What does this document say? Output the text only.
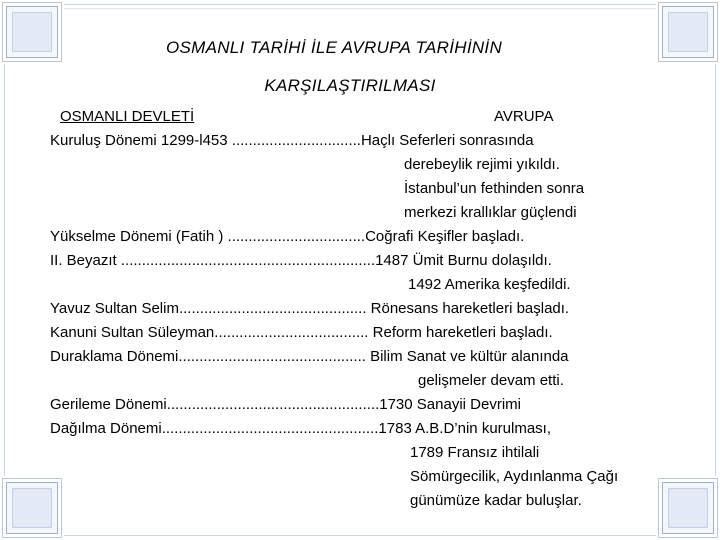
OSMANLI TARİHİ İLE AVRUPA TARİHİNİN
KARŞILAŞTIRILMASI
OSMANLI DEVLETİ	AVRUPA
Kuruluş Dönemi 1299-l453 ...............................Haçlı Seferleri sonrasında
derebeylik rejimi yıkıldı.
İstanbul’un fethinden sonra
merkezi krallıklar güçlendi
Yükselme Dönemi (Fatih ) .................................Coğrafi Keşifler başladı.
II. Beyazıt .............................................................1487 Ümit Burnu dolaşıldı.
1492 Amerika keşfedildi.
Yavuz Sultan Selim............................................. Rönesans hareketleri başladı.
Kanuni Sultan Süleyman..................................... Reform hareketleri başladı.
Duraklama Dönemi............................................. Bilim Sanat ve kültür alanında
gelişmeler devam etti.
Gerileme Dönemi...................................................1730 Sanayii Devrimi
Dağılma Dönemi....................................................1783 A.B.D’nin kurulması,
1789 Fransız ihtilali
Sömürgecilik, Aydınlanma Çağı
günümüze kadar buluşlar.
